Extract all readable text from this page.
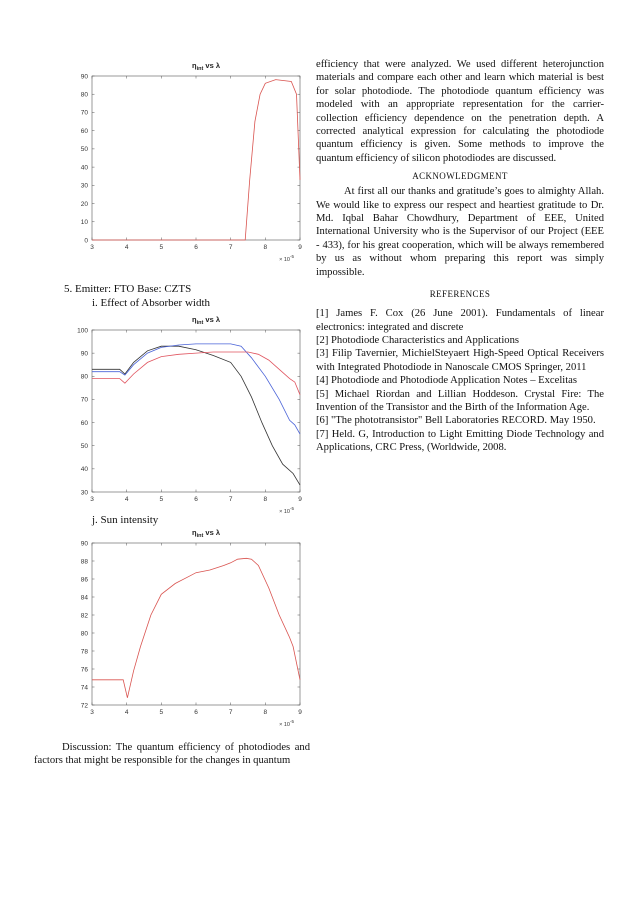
$\eta_{int}$ vs λ
0
10
20
30
40
50
60
70
80
90
3	4	5	6	7	8	9
× $10^{-5}$
5. Emitter: FTO Base: CZTS
i. Effect of Absorber width
$\eta_{int}$ vs λ
30
40
50
60
70
80
90
100
3	4	5	6	7	8	9
× $10^{-5}$
j. Sun intensity
$\eta_{int}$ vs λ
72
74
76
78
80
82
84
86
88
90
3	4	5	6	7	8	9
× $10^{-5}$

Discussion: The quantum efficiency of photodiodes and factors that might be responsible for the changes in quantum

efficiency that were analyzed. We used different heterojunction materials and compare each other and learn which material is best for solar photodiode. The photodiode quantum efficiency was modeled with an appropriate representation for the carrier-collection efficiency dependence on the penetration depth. A corrected analytical expression for calculating the photodiode quantum efficiency is given. Some methods to improve the quantum efficiency of silicon photodiodes are discussed.

ACKNOWLEDGMENT

At first all our thanks and gratitude’s goes to almighty Allah. We would like to express our respect and heartiest gratitude to Dr. Md. Iqbal Bahar Chowdhury, Department of EEE, United International University who is the Supervisor of our Project (EEE - 433), for his great cooperation, which will be always remembered by us as without whom preparing this report was simply impossible.

REFERENCES

[1] James F. Cox (26 June 2001). Fundamentals of linear electronics: integrated and discrete

[2] Photodiode Characteristics and Applications

[3] Filip Tavernier, MichielSteyaert High-Speed Optical Receivers with Integrated Photodiode in Nanoscale CMOS Springer, 2011

[4] Photodiode and Photodiode Application Notes – Excelitas

[5] Michael Riordan and Lillian Hoddeson. Crystal Fire: The Invention of the Transistor and the Birth of the Information Age.

[6] "The phototransistor" Bell Laboratories RECORD. May 1950.

[7] Held. G, Introduction to Light Emitting Diode Technology and Applications, CRC Press, (Worldwide, 2008.
